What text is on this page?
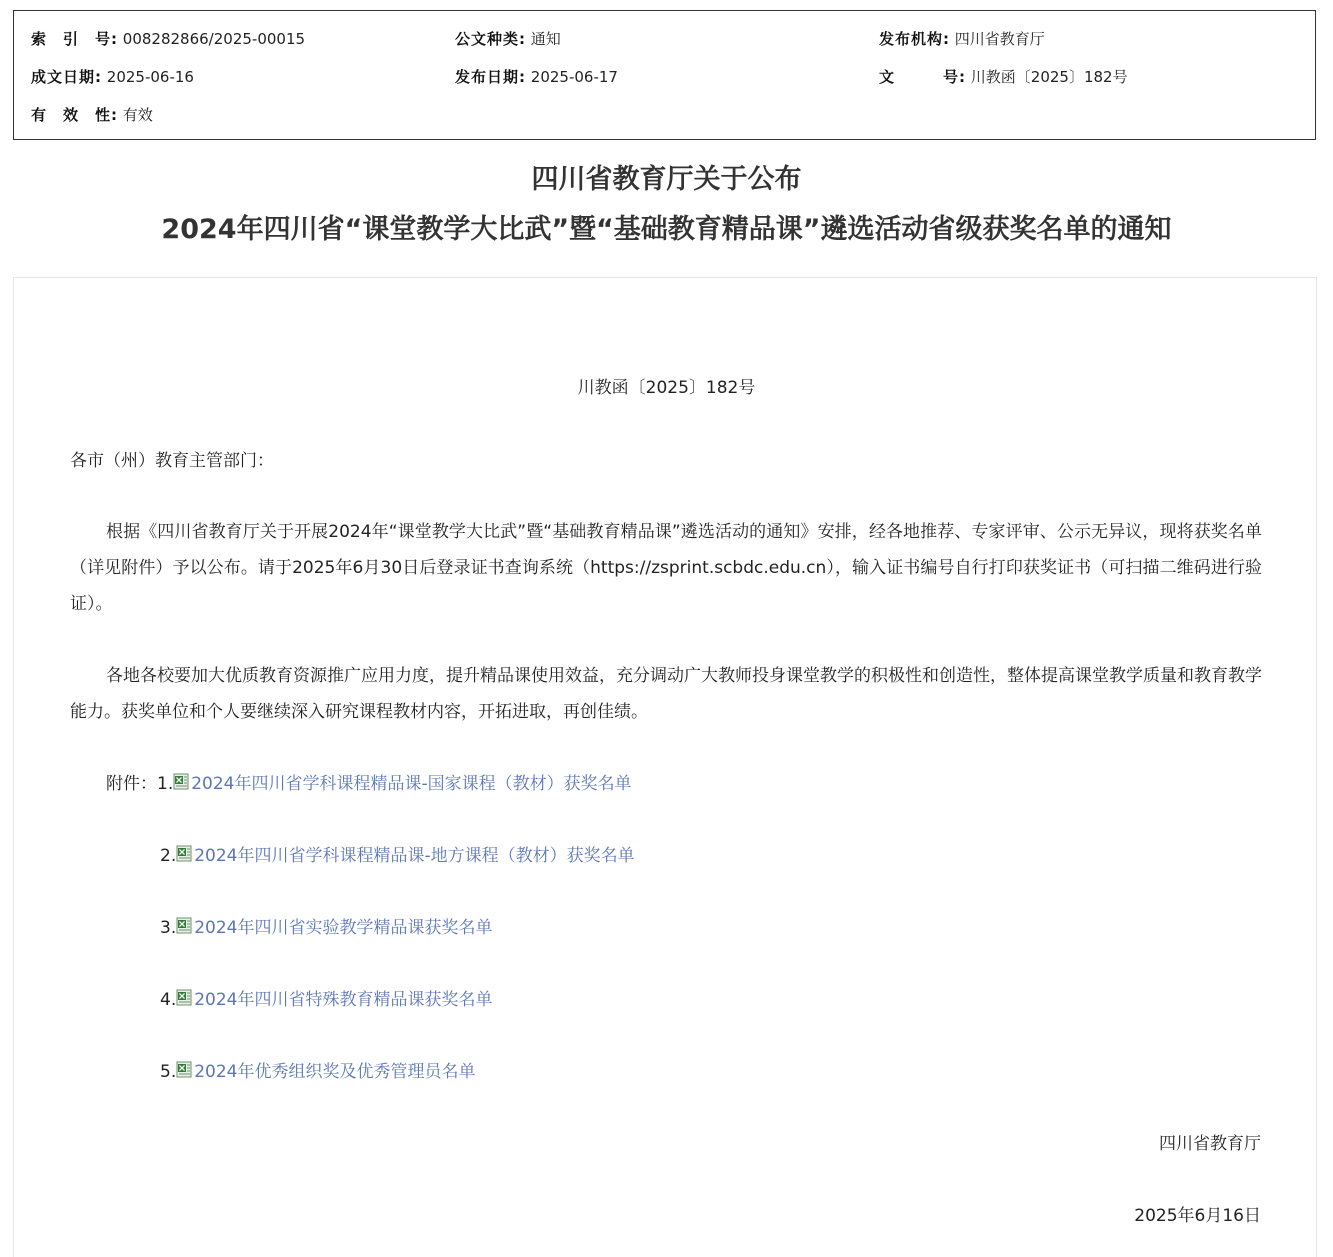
索　引　号: 008282866/2025-00015	公文种类: 通知	发布机构: 四川省教育厅
成文日期: 2025-06-16	发布日期: 2025-06-17	文　　　号: 川教函〔2025〕182号
有　效　性: 有效
四川省教育厅关于公布
2024年四川省“课堂教学大比武”暨“基础教育精品课”遴选活动省级获奖名单的通知
川教函〔2025〕182号
各市（州）教育主管部门：
根据《四川省教育厅关于开展2024年“课堂教学大比武”暨“基础教育精品课”遴选活动的通知》安排，经各地推荐、专家评审、公示无异议，现将获奖名单（详见附件）予以公布。请于2025年6月30日后登录证书查询系统（https://zsprint.scbdc.edu.cn），输入证书编号自行打印获奖证书（可扫描二维码进行验证）。
各地各校要加大优质教育资源推广应用力度，提升精品课使用效益，充分调动广大教师投身课堂教学的积极性和创造性，整体提高课堂教学质量和教育教学能力。获奖单位和个人要继续深入研究课程教材内容，开拓进取，再创佳绩。
附件： 1. 2024年四川省学科课程精品课-国家课程（教材）获奖名单
2. 2024年四川省学科课程精品课-地方课程（教材）获奖名单
3. 2024年四川省实验教学精品课获奖名单
4. 2024年四川省特殊教育精品课获奖名单
5. 2024年优秀组织奖及优秀管理员名单
四川省教育厅
2025年6月16日
